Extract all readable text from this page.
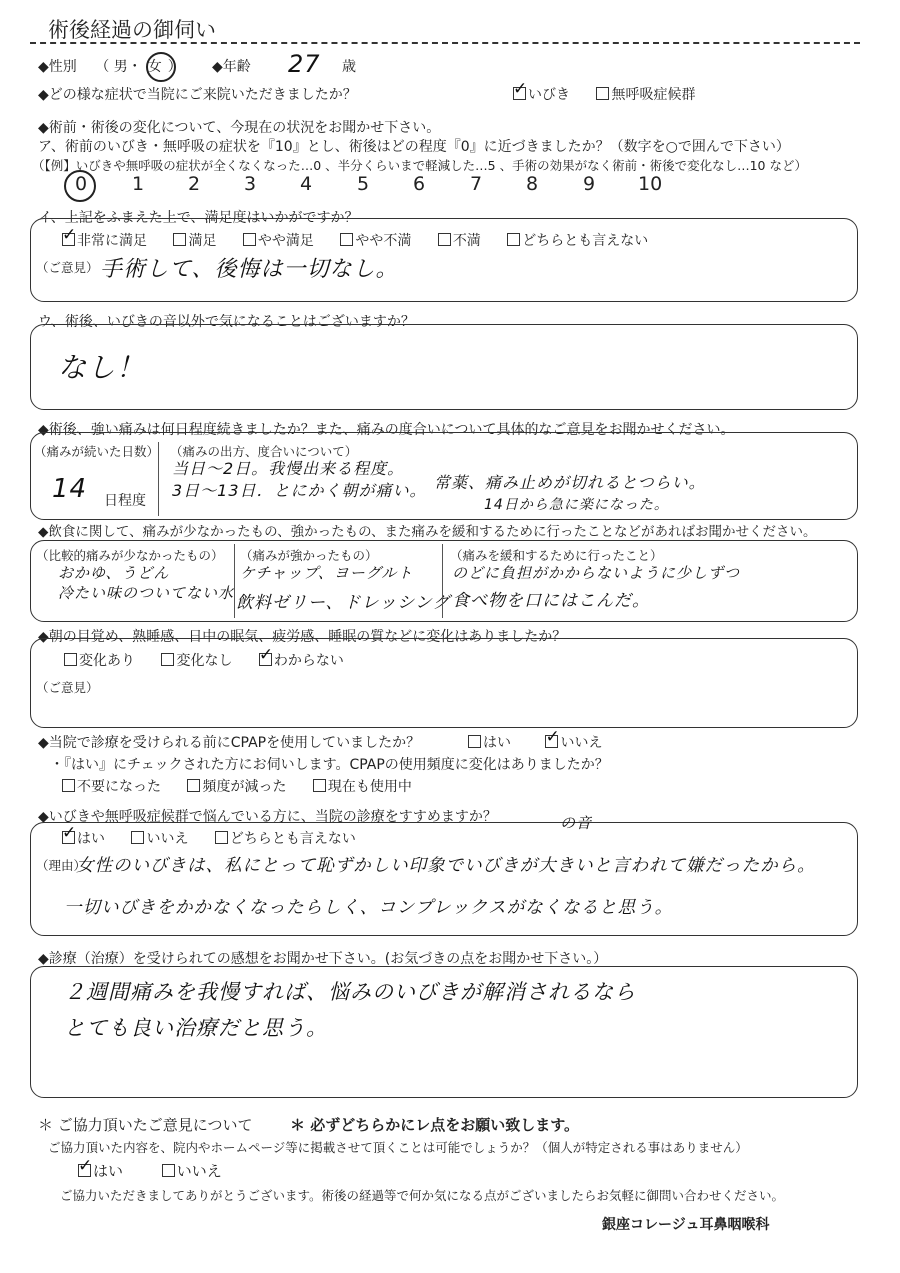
術後経過の御伺い
◆性別 （ 男・ 女 ） ◆年齢 27 歳
◆どの様な症状で当院にご来院いただきましたか？ ✓	いびき	無呼吸症候群
◆術前・術後の変化について、今現在の状況をお聞かせ下さい。
ア、術前のいびき・無呼吸の症状を『10』とし、術後はどの程度『0』に近づきましたか？（数字を○で囲んで下さい）
（【例】いびきや無呼吸の症状が全くなくなった…0 、半分くらいまで軽減した…5 、手術の効果がなく術前・術後で変化なし…10 など）
0 1 2 3 4 5 6 7 8 9 10
イ、上記をふまえた上で、満足度はいかがですか？
✓非常に満足	満足	やや満足	やや不満	不満	どちらとも言えない
（ご意見） 手術して、後悔は一切なし。
ウ、術後、いびきの音以外で気になることはございますか？
なし！
◆術後、強い痛みは何日程度続きましたか？また、痛みの度合いについて具体的なご意見をお聞かせください。
（痛みが続いた日数）
14 日程度
（痛みの出方、度合いについて）
当日〜2日。我慢出来る程度。
3日〜13日．とにかく朝が痛い。 常薬、痛み止めが切れるとつらい。
14日から急に楽になった。
◆飲食に関して、痛みが少なかったもの、強かったもの、また痛みを緩和するために行ったことなどがあればお聞かせください。
（比較的痛みが少なかったもの）
おかゆ、うどん
冷たい味のついてない水
（痛みが強かったもの）
ケチャップ、ヨーグルト
飲料ゼリー、ドレッシング
（痛みを緩和するために行ったこと）
のどに負担がかからないように少しずつ
食べ物を口にはこんだ。
◆朝の目覚め、熟睡感、日中の眠気、疲労感、睡眠の質などに変化はありましたか？
変化あり	変化なし ✓	わからない
（ご意見）
◆当院で診療を受けられる前にCPAPを使用していましたか？	はい ✓	いいえ
・『はい』にチェックされた方にお伺いします。CPAPの使用頻度に変化はありましたか？
不要になった	頻度が減った	現在も使用中
◆いびきや無呼吸症候群で悩んでいる方に、当院の診療をすすめますか？
✓はい	いいえ	どちらとも言えない
の音
（理由）
女性のいびきは、私にとって恥ずかしい印象でいびきが大きいと言われて嫌だったから。
一切いびきをかかなくなったらしく、コンプレックスがなくなると思う。
◆診療（治療）を受けられての感想をお聞かせ下さい。(お気づきの点をお聞かせ下さい。）
２週間痛みを我慢すれば、悩みのいびきが解消されるなら
とても良い治療だと思う。
＊ ご協力頂いたご意見について	＊ 必ずどちらかにレ点をお願い致します。
ご協力頂いた内容を、院内やホームページ等に掲載させて頂くことは可能でしょうか？（個人が特定される事はありません）
✓はい	いいえ
ご協力いただきましてありがとうございます。術後の経過等で何か気になる点がございましたらお気軽に御問い合わせください。
銀座コレージュ耳鼻咽喉科
